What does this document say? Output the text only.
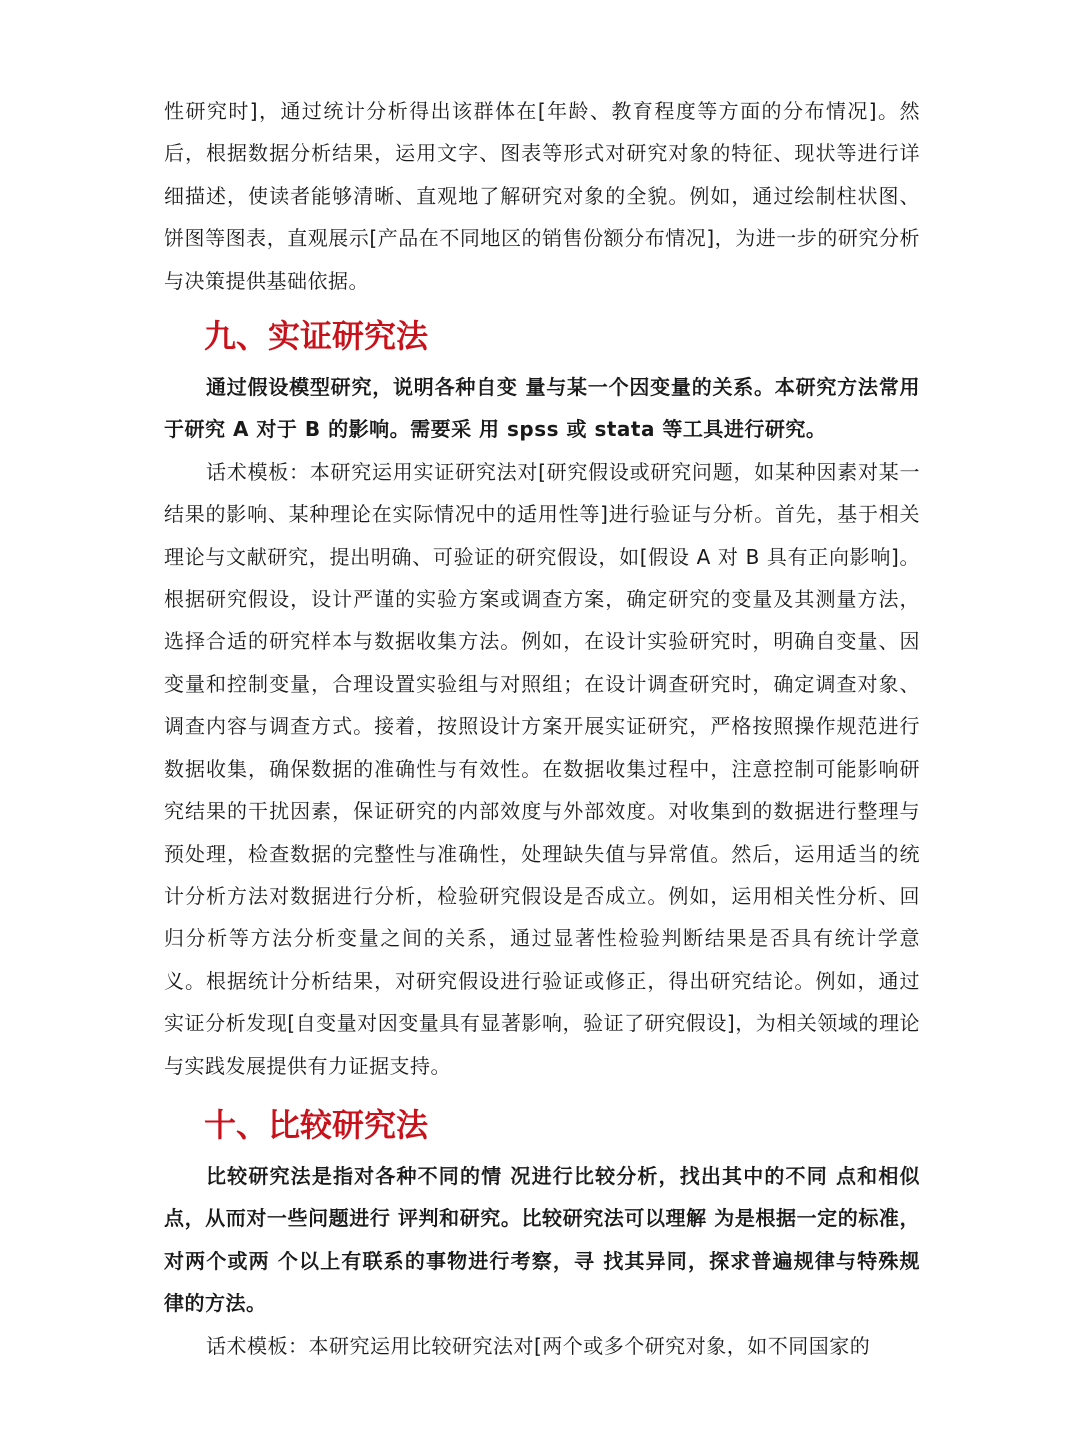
性研究时]，通过统计分析得出该群体在[年龄、教育程度等方面的分布情况]。然后，根据数据分析结果，运用文字、图表等形式对研究对象的特征、现状等进行详细描述，使读者能够清晰、直观地了解研究对象的全貌。例如，通过绘制柱状图、饼图等图表，直观展示[产品在不同地区的销售份额分布情况]，为进一步的研究分析与决策提供基础依据。

九、实证研究法

通过假设模型研究，说明各种自变 量与某一个因变量的关系。本研究方法常用于研究 A 对于 B 的影响。需要采 用 spss 或 stata 等工具进行研究。

话术模板：本研究运用实证研究法对[研究假设或研究问题，如某种因素对某一结果的影响、某种理论在实际情况中的适用性等]进行验证与分析。首先，基于相关理论与文献研究，提出明确、可验证的研究假设，如[假设 A 对 B 具有正向影响]。根据研究假设，设计严谨的实验方案或调查方案，确定研究的变量及其测量方法，选择合适的研究样本与数据收集方法。例如，在设计实验研究时，明确自变量、因变量和控制变量，合理设置实验组与对照组；在设计调查研究时，确定调查对象、调查内容与调查方式。接着，按照设计方案开展实证研究，严格按照操作规范进行数据收集，确保数据的准确性与有效性。在数据收集过程中，注意控制可能影响研究结果的干扰因素，保证研究的内部效度与外部效度。对收集到的数据进行整理与预处理，检查数据的完整性与准确性，处理缺失值与异常值。然后，运用适当的统计分析方法对数据进行分析，检验研究假设是否成立。例如，运用相关性分析、回归分析等方法分析变量之间的关系，通过显著性检验判断结果是否具有统计学意义。根据统计分析结果，对研究假设进行验证或修正，得出研究结论。例如，通过实证分析发现[自变量对因变量具有显著影响，验证了研究假设]，为相关领域的理论与实践发展提供有力证据支持。

十、比较研究法

比较研究法是指对各种不同的情 况进行比较分析，找出其中的不同 点和相似点，从而对一些问题进行 评判和研究。比较研究法可以理解 为是根据一定的标准，对两个或两 个以上有联系的事物进行考察，寻 找其异同，探求普遍规律与特殊规 律的方法。

话术模板：本研究运用比较研究法对[两个或多个研究对象，如不同国家的
